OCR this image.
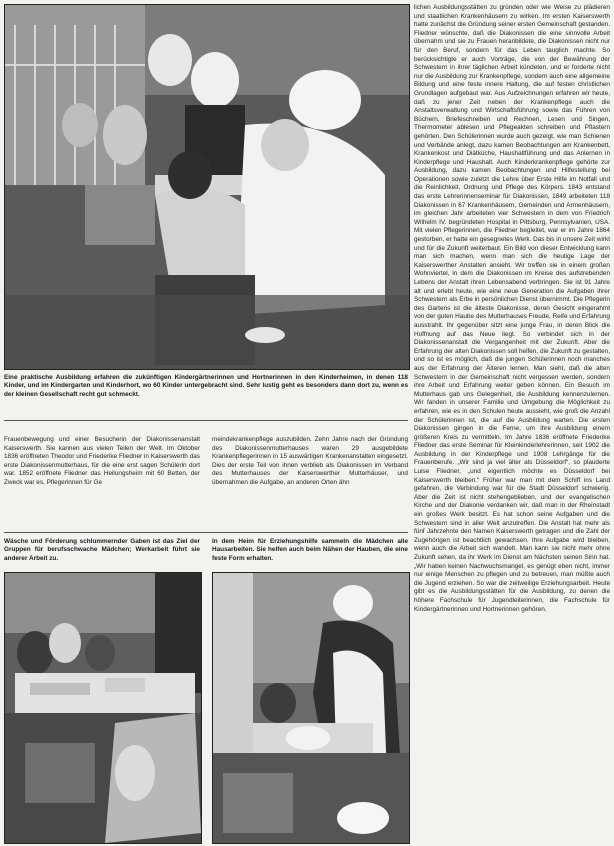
Eine praktische Ausbildung erfahren die zukünftigen Kindergärtnerinnen und Hortnerinnen in den Kinderheimen, in denen 118 Kinder, und im Kindergarten und Kinderhort, wo 60 Kinder untergebracht sind. Sehr lustig geht es besonders dann dort zu, wenn es der kleinen Gesellschaft recht gut schmeckt.
Frauenbewegung und einer Besucherin der Diakonissenanstalt Kaiserswerth. Sie kannen aus vielen Teilen der Welt. Im Oktober 1836 eröffneten Theodor und Friederike Fliedner in Kaiserswerth das erste Diakonissenmutterhaus, für die eine erst sagen Schülerin dort war. 1852 eröffnete Fliedner das Heilungsheim mit 60 Betten, der Zweck war es, Pflegerinnen für Ge
meindekrankenpflege auszubilden. Zehn Jahre nach der Gründung des Diakonissenmutterhauses waren 29 ausgebildete Krankenpflegerinnen in 15 auswärtigen Krankenanstalten eingesetzt. Dies der erste Teil von ihnen verblieb als Diakonissen im Verband des Mutterhauses der Kaiserswerther Mutterhäuser, und übernahmen die Aufgabe, an anderen Orten ähn
Wäsche und Förderung schlummernder Gaben ist das Ziel der Gruppen für berufsschwache Mädchen; Werkarbeit führt sie anderer Arbeit zu.
In dem Heim für Erziehungshilfe sammeln die Mädchen alle Hausarbeiten. Sie helfen auch beim Nähen der Hauben, die eine feste Form erhalten.
lichen Ausbildungsstätten zu gründen oder wie Weise zu plädieren und staatlichen Krankenhäusern zu wirken. Im ersten Kaiserswerth hatte zunächst die Gründung seiner ersten Gemeinschaft gestanden. Fliedner wünschte, daß die Diakonissen die eine sinnvolle Arbeit übernahm und sie zu Frauen heranbildete, die Diakonissen nicht nur für den Beruf, sondern für das Leben tauglich machte. So berücksichtigte er auch Vorträge, die von der Bewährung der Schwestern in ihrer täglichen Arbeit kündeten, und er forderte nicht nur die Ausbildung zur Krankenpflege, sondern auch eine allgemeine Bildung und eine feste innere Haltung, die auf festen christlichen Grundlagen aufgebaut war. Aus Aufzeichnungen erfahren wir heute, daß zu jener Zeit neben der Krankenpflege auch die Anstaltsverwaltung und Wirtschaftsführung sowie das Führen von Büchern, Briefeschreiben und Rechnen, Lesen und Singen, Thermometer ablesen und Pflegeakten schreiben und Pflastern gehörten. Den Schülerinnen wurde auch gezeigt, wie man Schienen und Verbände anlegt, dazu kamen Beobachtungen am Krankenbett, Krankenkost und Diätküche, Haushaltführung und das Anlernen in Kinderpflege und Haushalt. Auch Kinderkrankenpflege gehörte zur Ausbildung, dazu kamen Beobachtungen und Hilfestellung bei Operationen sowie zuletzt die Lehre über Erste Hilfe im Notfall und die Reinlichkeit, Ordnung und Pflege des Körpers. 1843 entstand das erste Lehrerinnenseminar für Diakonissen, 1849 arbeiteten 118 Diakonissen in 67 Krankenhäusern, Gemeinden und Armenhäusern, im gleichen Jahr arbeiteten vier Schwestern in dem von Friedrich Wilhelm IV. begründeten Hospital in Pittsburg, Pennsylvanien, USA. Mit vielen Pflegerinnen, die Fliedner begleitet, war er im Jahre 1864 gestorben, er hatte ein gesegnetes Werk. Das bis in unsere Zeit wirkt und für die Zukunft weiterbaut. Ein Bild von dieser Entwicklung kann man sich machen, wenn man sich die heutige Lage der Kaiserswerther Anstalten ansieht. Wir treffen sie in einem großen Wohnviertel, in dem die Diakonissen im Kreise des aufstrebenden Lebens der Anstalt ihren Lebensabend verbringen. Sie ist 91 Jahre alt und erlebt heute, wie eine neue Generation die Aufgaben ihrer Schwestern als Erbe in persönlichen Dienst übernimmt. Die Pflegerin des Gartens ist die älteste Diakonisse, deren Gesicht eingerahmt von der guten Haube des Mutterhauses Freude, Reife und Erfahrung ausstrahlt. Ihr gegenüber sitzt eine junge Frau, in deren Blick die Hoffnung auf das Neue liegt. So verbindet sich in der Diakonissenanstalt die Vergangenheit mit der Zukunft. Aber die Erfahrung der alten Diakonissen soll helfen, die Zukunft zu gestalten, und so ist es möglich, daß die jungen Schülerinnen noch manches aus der Erfahrung der Älteren lernen. Man sieht, daß die alten Schwestern in der Gemeinschaft nicht vergessen werden, sondern ihre Arbeit und Erfahrung weiter geben können. Ein Besuch im Mutterhaus gab uns Gelegenheit, die Ausbildung kennenzulernen. Wir fanden in unserer Familie und Umgebung die Möglichkeit zu erfahren, wie es in den Schulen heute aussieht, wie groß die Anzahl der Schülerinnen ist, die auf die Ausbildung warten. Die ersten Diakonissen gingen in die Ferne, um ihre Ausbildung einem größeren Kreis zu vermitteln. Im Jahre 1836 eröffnete Friederike Fliedner das erste Seminar für Kleinkinderlehrerinnen, seit 1902 die Ausbildung in der Kinderpflege und 1908 Lehrgänge für die Frauenberufe. „Wir sind ja viel älter als Düsseldorf“, so plauderte Luise Fliedner, „und eigentlich möchte es Düsseldorf bei Kaiserswerth bleiben.“ Früher war man mit dem Schiff ins Land gefahren, die Verbindung war für die Stadt Düsseldorf schwierig. Aber die Zeit ist nicht stehengeblieben, und der evangelischen Kirche und der Diakonie verdanken wir, daß man in der Rheinstadt ein großes Werk besitzt. Es hat schon seine Aufgaben und die Schwestern sind in aller Welt anzutreffen. Die Anstalt hat mehr als fünf Jahrzehnte den Namen Kaiserswerth getragen und die Zahl der Zugehörigen ist beachtlich gewachsen. Ihre Aufgabe wird bleiben, wenn auch die Arbeit sich wandelt. Man kann sie nicht mehr ohne Zukunft sehen, da ihr Werk im Dienst am Nächsten seinen Sinn hat. „Wir haben keinen Nachwuchsmangel, es genügt eben nicht, immer nur einige Menschen zu pflegen und zu betreuen, man müßte auch die Jugend erziehen. So war die zeitweilige Erziehungsarbeit. Heute gibt es die Ausbildungsstätten für die Ausbildung, zu denen die höhere Fachschule für Jugendleiterinnen, die Fachschule für Kindergärtnerinnen und Hortnerinnen gehören.
